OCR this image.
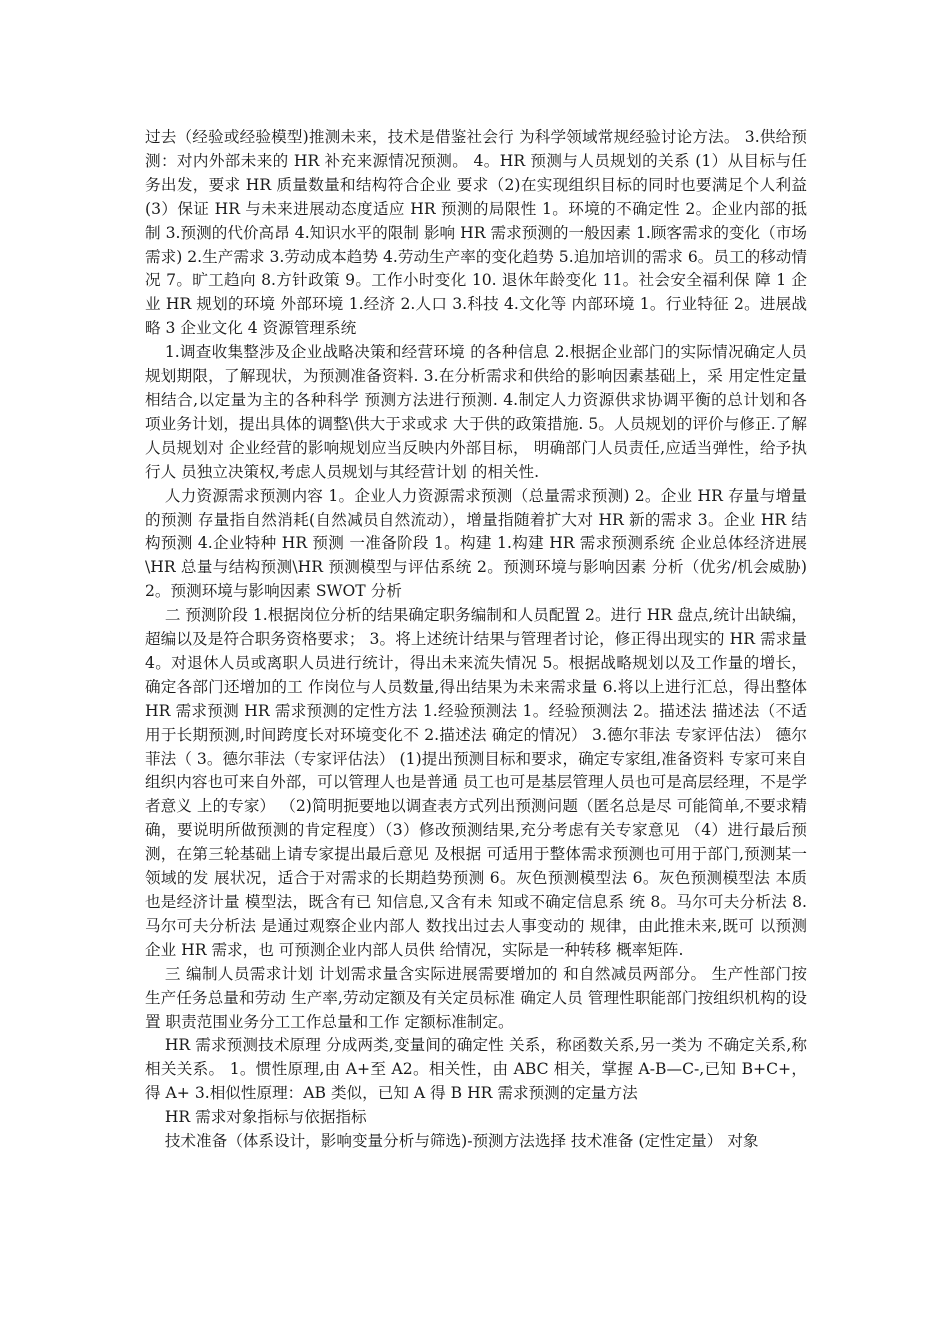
过去（经验或经验模型)推测未来，技术是借鉴社会行 为科学领域常规经验讨论方法。 3.供给预测：对内外部未来的 HR 补充来源情况预测。 4。HR 预测与人员规划的关系 (1）从目标与任务出发，要求 HR 质量数量和结构符合企业 要求（2)在实现组织目标的同时也要满足个人利益 (3）保证 HR 与未来进展动态度适应 HR 预测的局限性 1。环境的不确定性 2。企业内部的抵制 3.预测的代价高昂 4.知识水平的限制 影响 HR 需求预测的一般因素 1.顾客需求的变化（市场需求) 2.生产需求 3.劳动成本趋势 4.劳动生产率的变化趋势 5.追加培训的需求 6。员工的移动情况 7。旷工趋向 8.方针政策 9。工作小时变化 10. 退休年龄变化 11。社会安全福利保 障 1 企业 HR 规划的环境 外部环境 1.经济 2.人口 3.科技 4.文化等 内部环境 1。行业特征 2。进展战略 3 企业文化 4 资源管理系统

1.调查收集整涉及企业战略决策和经营环境 的各种信息 2.根据企业部门的实际情况确定人员规划期限，了解现状，为预测准备资料. 3.在分析需求和供给的影响因素基础上，采 用定性定量相结合,以定量为主的各种科学 预测方法进行预测. 4.制定人力资源供求协调平衡的总计划和各 项业务计划，提出具体的调整\供大于求或求 大于供的政策措施. 5。人员规划的评价与修正.了解人员规划对 企业经营的影响规划应当反映内外部目标， 明确部门人员责任,应适当弹性，给予执行人 员独立决策权,考虑人员规划与其经营计划 的相关性.

人力资源需求预测内容 1。企业人力资源需求预测（总量需求预测) 2。企业 HR 存量与增量的预测 存量指自然消耗(自然减员自然流动），增量指随着扩大对 HR 新的需求 3。企业 HR 结构预测 4.企业特种 HR 预测 一准备阶段 1。构建 1.构建 HR 需求预测系统 企业总体经济进展\HR 总量与结构预测\HR 预测模型与评估系统 2。预测环境与影响因素 分析（优劣/机会威胁) 2。预测环境与影响因素 SWOT 分析

二 预测阶段 1.根据岗位分析的结果确定职务编制和人员配置 2。进行 HR 盘点,统计出缺编，超编以及是符合职务资格要求； 3。将上述统计结果与管理者讨论，修正得出现实的 HR 需求量 4。对退休人员或离职人员进行统计，得出未来流失情况 5。根据战略规划以及工作量的增长，确定各部门还增加的工 作岗位与人员数量,得出结果为未来需求量 6.将以上进行汇总，得出整体 HR 需求预测 HR 需求预测的定性方法 1.经验预测法 1。经验预测法 2。描述法 描述法（不适用于长期预测,时间跨度长对环境变化不 2.描述法 确定的情况） 3.德尔菲法 专家评估法） 德尔菲法（ 3。德尔菲法（专家评估法） (1)提出预测目标和要求，确定专家组,准备资料 专家可来自组织内容也可来自外部，可以管理人也是普通 员工也可是基层管理人员也可是高层经理，不是学者意义 上的专家） （2)简明扼要地以调查表方式列出预测问题（匿名总是尽 可能简单,不要求精确，要说明所做预测的肯定程度）（3）修改预测结果,充分考虑有关专家意见 （4）进行最后预测，在第三轮基础上请专家提出最后意见 及根据 可适用于整体需求预测也可用于部门,预测某一领域的发 展状况，适合于对需求的长期趋势预测 6。灰色预测模型法 6。灰色预测模型法 本质也是经济计量 模型法，既含有已 知信息,又含有未 知或不确定信息系 统 8。马尔可夫分析法 8.马尔可夫分析法 是通过观察企业内部人 数找出过去人事变动的 规律，由此推未来,既可 以预测企业 HR 需求，也 可预测企业内部人员供 给情况，实际是一种转移 概率矩阵.

三 编制人员需求计划 计划需求量含实际进展需要增加的 和自然减员两部分。 生产性部门按生产任务总量和劳动 生产率,劳动定额及有关定员标准 确定人员 管理性职能部门按组织机构的设置 职责范围业务分工工作总量和工作 定额标准制定。

HR 需求预测技术原理 分成两类,变量间的确定性 关系，称函数关系,另一类为 不确定关系,称相关关系。 1。惯性原理,由 A+至 A2。相关性，由 ABC 相关，掌握 A-B—C-,已知 B+C+，得 A+ 3.相似性原理：AB 类似，已知 A 得 B HR 需求预测的定量方法

HR 需求对象指标与依据指标

技术准备（体系设计，影响变量分析与筛选)-预测方法选择 技术准备 (定性定量） 对象
